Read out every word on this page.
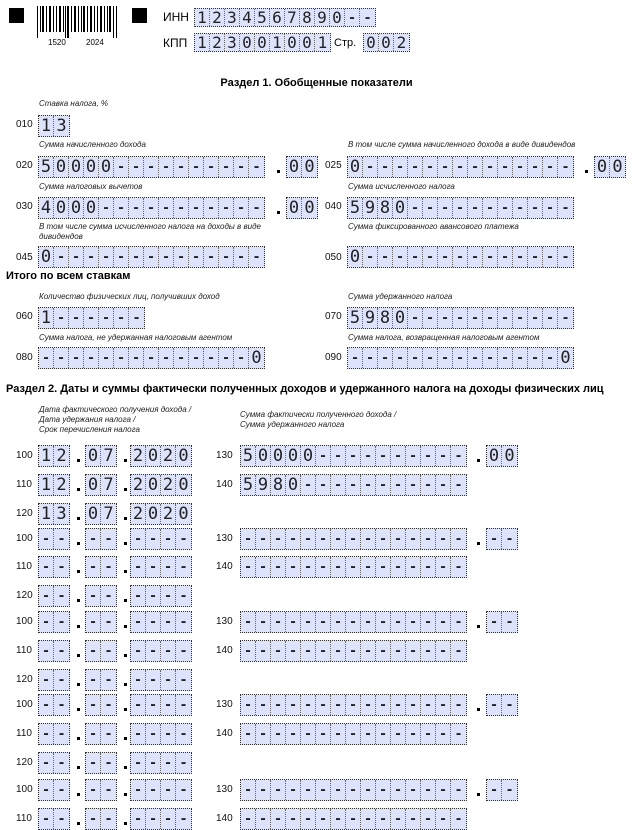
1520	2024
ИНН 1 2 3 4 5 6 7 8 9 0 - -
КПП 1 2 3 0 0 1 0 0 1 Стр. 0 0 2
Раздел 1. Обобщенные показатели
Ставка налога, %
010 1 3
Сумма начисленного дохода
020 5 0 0 0 0 - - - - - - - - - - 0 0
В том числе сумма начисленного дохода в виде дивидендов
025 0 - - - - - - - - - - - - - - 0 0
Сумма налоговых вычетов
030 4 0 0 0 - - - - - - - - - - - 0 0
Сумма исчисленного налога
040 5 9 8 0 - - - - - - - - - - -
В том числе сумма исчисленного налога на доходы в виде
дивидендов
045 0 - - - - - - - - - - - - - -
Сумма фиксированного авансового платежа
050 0 - - - - - - - - - - - - - -
Итого по всем ставкам
Количество физических лиц, получивших доход
060 1 - - - - - -
Сумма удержанного налога
070 5 9 8 0 - - - - - - - - - - -
Сумма налога, не удержанная налоговым агентом
080 - - - - - - - - - - - - - - 0
Сумма налога, возвращенная налоговым агентом
090 - - - - - - - - - - - - - - 0
Раздел 2. Даты и суммы фактически полученных доходов и удержанного налога на доходы физических лиц
Дата фактического получения дохода /
Дата удержания налога /
Срок перечисления налога
Сумма фактически полученного дохода /
Сумма удержанного налога
100 1 2 0 7 2 0 2 0	130 5 0 0 0 0 - - - - - - - - - - 0 0
110 1 2 0 7 2 0 2 0	140 5 9 8 0 - - - - - - - - - - -
120 1 3 0 7 2 0 2 0
100 - -	- -	- - - -	130 - - - - - - - - - - - - - - -	- -
110 - -	- -	- - - -	140 - - - - - - - - - - - - - - -
120 - -	- -	- - - -
100 - -	- -	- - - -	130 - - - - - - - - - - - - - - -	- -
110 - -	- -	- - - -	140 - - - - - - - - - - - - - - -
120 - -	- -	- - - -
100 - -	- -	- - - -	130 - - - - - - - - - - - - - - -	- -
110 - -	- -	- - - -	140 - - - - - - - - - - - - - - -
120 - -	- -	- - - -
100 - -	- -	- - - -	130 - - - - - - - - - - - - - - -	- -
110 - -	- -	- - - -	140 - - - - - - - - - - - - - - -
